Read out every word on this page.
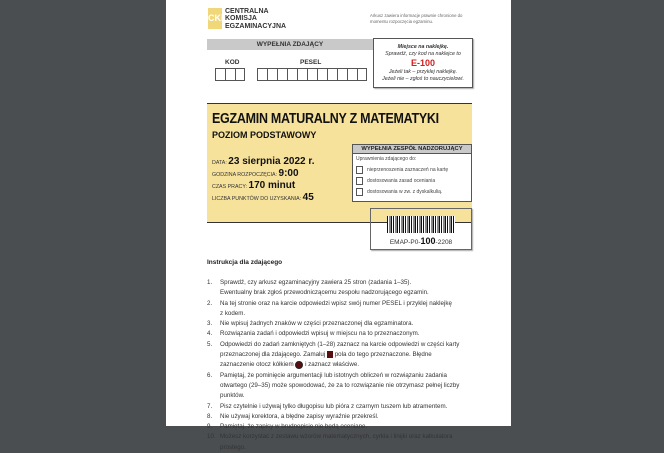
CKE
CENTRALNA
KOMISJA
EGZAMINACYJNA
Arkusz zawiera informacje prawnie chronione do momentu rozpoczęcia egzaminu.
WYPEŁNIA ZDAJĄCY
KOD	PESEL
Miejsce na naklejkę.
Sprawdź, czy kod na naklejce to
E-100
Jeżeli tak – przyklej naklejkę.
Jeżeli nie – zgłoś to nauczycielowi.
EGZAMIN MATURALNY Z MATEMATYKI
POZIOM PODSTAWOWY
DATA: 23 sierpnia 2022 r.
GODZINA ROZPOCZĘCIA: 9:00
CZAS PRACY: 170 minut
LICZBA PUNKTÓW DO UZYSKANIA: 45
WYPEŁNIA ZESPÓŁ NADZORUJĄCY
Uprawnienia zdającego do:
nieprzenoszenia zaznaczeń na kartę
dostosowania zasad oceniania
dostosowania w zw. z dyskalkulią.
EMAP-P0-100-2208
Instrukcja dla zdającego
1.	Sprawdź, czy arkusz egzaminacyjny zawiera 25 stron (zadania 1–35).
Ewentualny brak zgłoś przewodniczącemu zespołu nadzorującego egzamin.
2.	Na tej stronie oraz na karcie odpowiedzi wpisz swój numer PESEL i przyklej naklejkę
z kodem.
3.	Nie wpisuj żadnych znaków w części przeznaczonej dla egzaminatora.
4.	Rozwiązania zadań i odpowiedzi wpisuj w miejscu na to przeznaczonym.
5.	Odpowiedzi do zadań zamkniętych (1–28) zaznacz na karcie odpowiedzi w części karty
przeznaczonej dla zdającego. Zamaluj pola do tego przeznaczone. Błędne
zaznaczenie otocz kółkiem i zaznacz właściwe.
6.	Pamiętaj, że pominięcie argumentacji lub istotnych obliczeń w rozwiązaniu zadania
otwartego (29–35) może spowodować, że za to rozwiązanie nie otrzymasz pełnej liczby
punktów.
7.	Pisz czytelnie i używaj tylko długopisu lub pióra z czarnym tuszem lub atramentem.
8.	Nie używaj korektora, a błędne zapisy wyraźnie przekreśl.
9.	Pamiętaj, że zapisy w brudnopisie nie będą oceniane.
10. Możesz korzystać z zestawu wzorów matematycznych, cyrkla i linijki oraz kalkulatora
prostego.
